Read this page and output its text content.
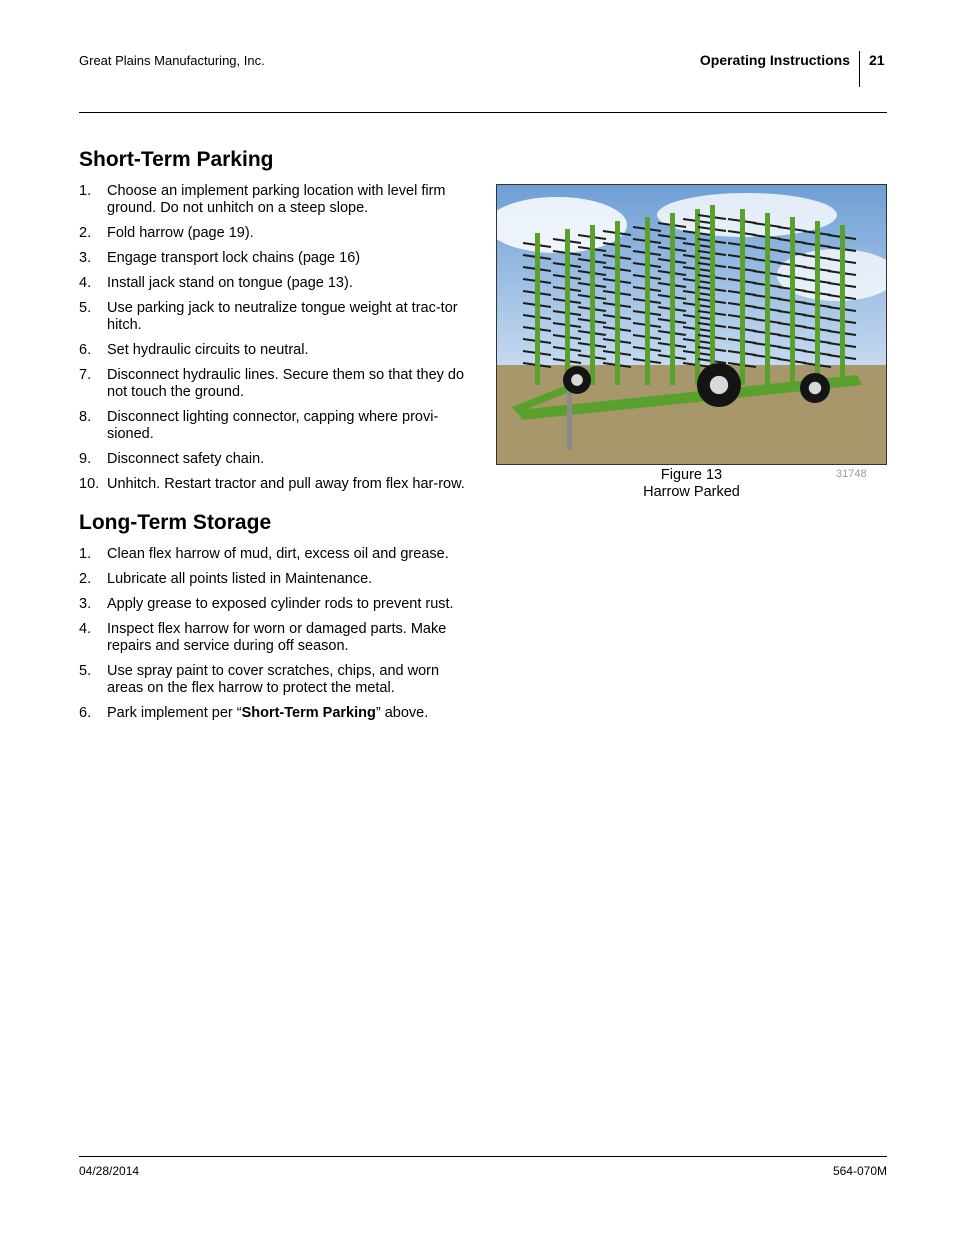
Great Plains Manufacturing, Inc.	Operating Instructions 21
Short-Term Parking
1. Choose an implement parking location with level firm ground. Do not unhitch on a steep slope.
2. Fold harrow (page 19).
3. Engage transport lock chains (page 16)
4. Install jack stand on tongue (page 13).
5. Use parking jack to neutralize tongue weight at trac-tor hitch.
6. Set hydraulic circuits to neutral.
7. Disconnect hydraulic lines. Secure them so that they do not touch the ground.
8. Disconnect lighting connector, capping where provi-sioned.
9. Disconnect safety chain.
10. Unhitch. Restart tractor and pull away from flex har-row.
Long-Term Storage
1. Clean flex harrow of mud, dirt, excess oil and grease.
2. Lubricate all points listed in Maintenance.
3. Apply grease to exposed cylinder rods to prevent rust.
4. Inspect flex harrow for worn or damaged parts. Make repairs and service during off season.
5. Use spray paint to cover scratches, chips, and worn areas on the flex harrow to protect the metal.
6. Park implement per “Short-Term Parking” above.
Figure 13
Harrow Parked
31748
04/28/2014	564-070M
